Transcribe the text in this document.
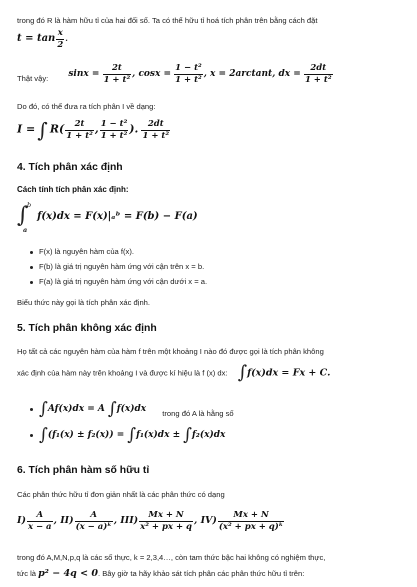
trong đó R là hàm hữu tỉ của hai đối số. Ta có thể hữu tỉ hoá tích phân trên bằng cách đặt
$t = \tan \frac{x}{2}$ .
Thật vậy: $\sin x = \frac{2t}{\text{1 + t²}}$ , $\cos x = \frac{\text{1 − t²}}{\text{1 + t²}}$ , x = 2arctant, dx = $\frac{2dt}{\text{1 + t²}}$
Do đó, có thể đưa ra tích phân I về dạng:
I = ∫ $R( \frac{2t}{\text{1 + t²}}$ , $\frac{\text{1 − t²}}{\text{1 + t²}}$ ). $\frac{2dt}{\text{1 + t²}}$
4. Tích phân xác định
Cách tính tích phân xác định:
∫
b
a
f(x)dx = F(x)|ₐᵇ = F(b) − F(a)
F(x) là nguyên hàm của f(x).
F(b) là giá trị nguyên hàm ứng với cận trên x = b.
F(a) là giá trị nguyên hàm ứng với cận dưới x = a.
Biểu thức này gọi là tích phân xác định.
5. Tích phân không xác định
Họ tất cả các nguyên hàm của hàm f trên một khoảng I nào đó được gọi là tích phân không
xác định của hàm này trên khoảng I và được kí hiệu là f (x) dx: ∫f(x)dx = Fx + C.
∫Af(x)dx = A ∫f(x)dx trong đó A là hằng số
∫(f₁(x) ± f₂(x)) = ∫f₁(x)dx ± ∫f₂(x)dx
6. Tích phân hàm số hữu tỉ
Các phân thức hữu tỉ đơn giản nhất là các phân thức có dạng
$I) \frac{A}{x - a}$ , $II) \frac{A}{\text{(x − a)ᵏ}}$ , $III) \frac{Mx + N}{\text{x² + px + q}}$ , $IV) \frac{Mx + N}{\text{(x² + px + q)ᵏ}}$
trong đó A,M,N,p,q là các số thực, k = 2,3,4…, còn tam thức bậc hai không có nghiệm thực,
tức là p² − 4q < 0. Bây giờ ta hãy khảo sát tích phân các phân thức hữu tỉ trên:
